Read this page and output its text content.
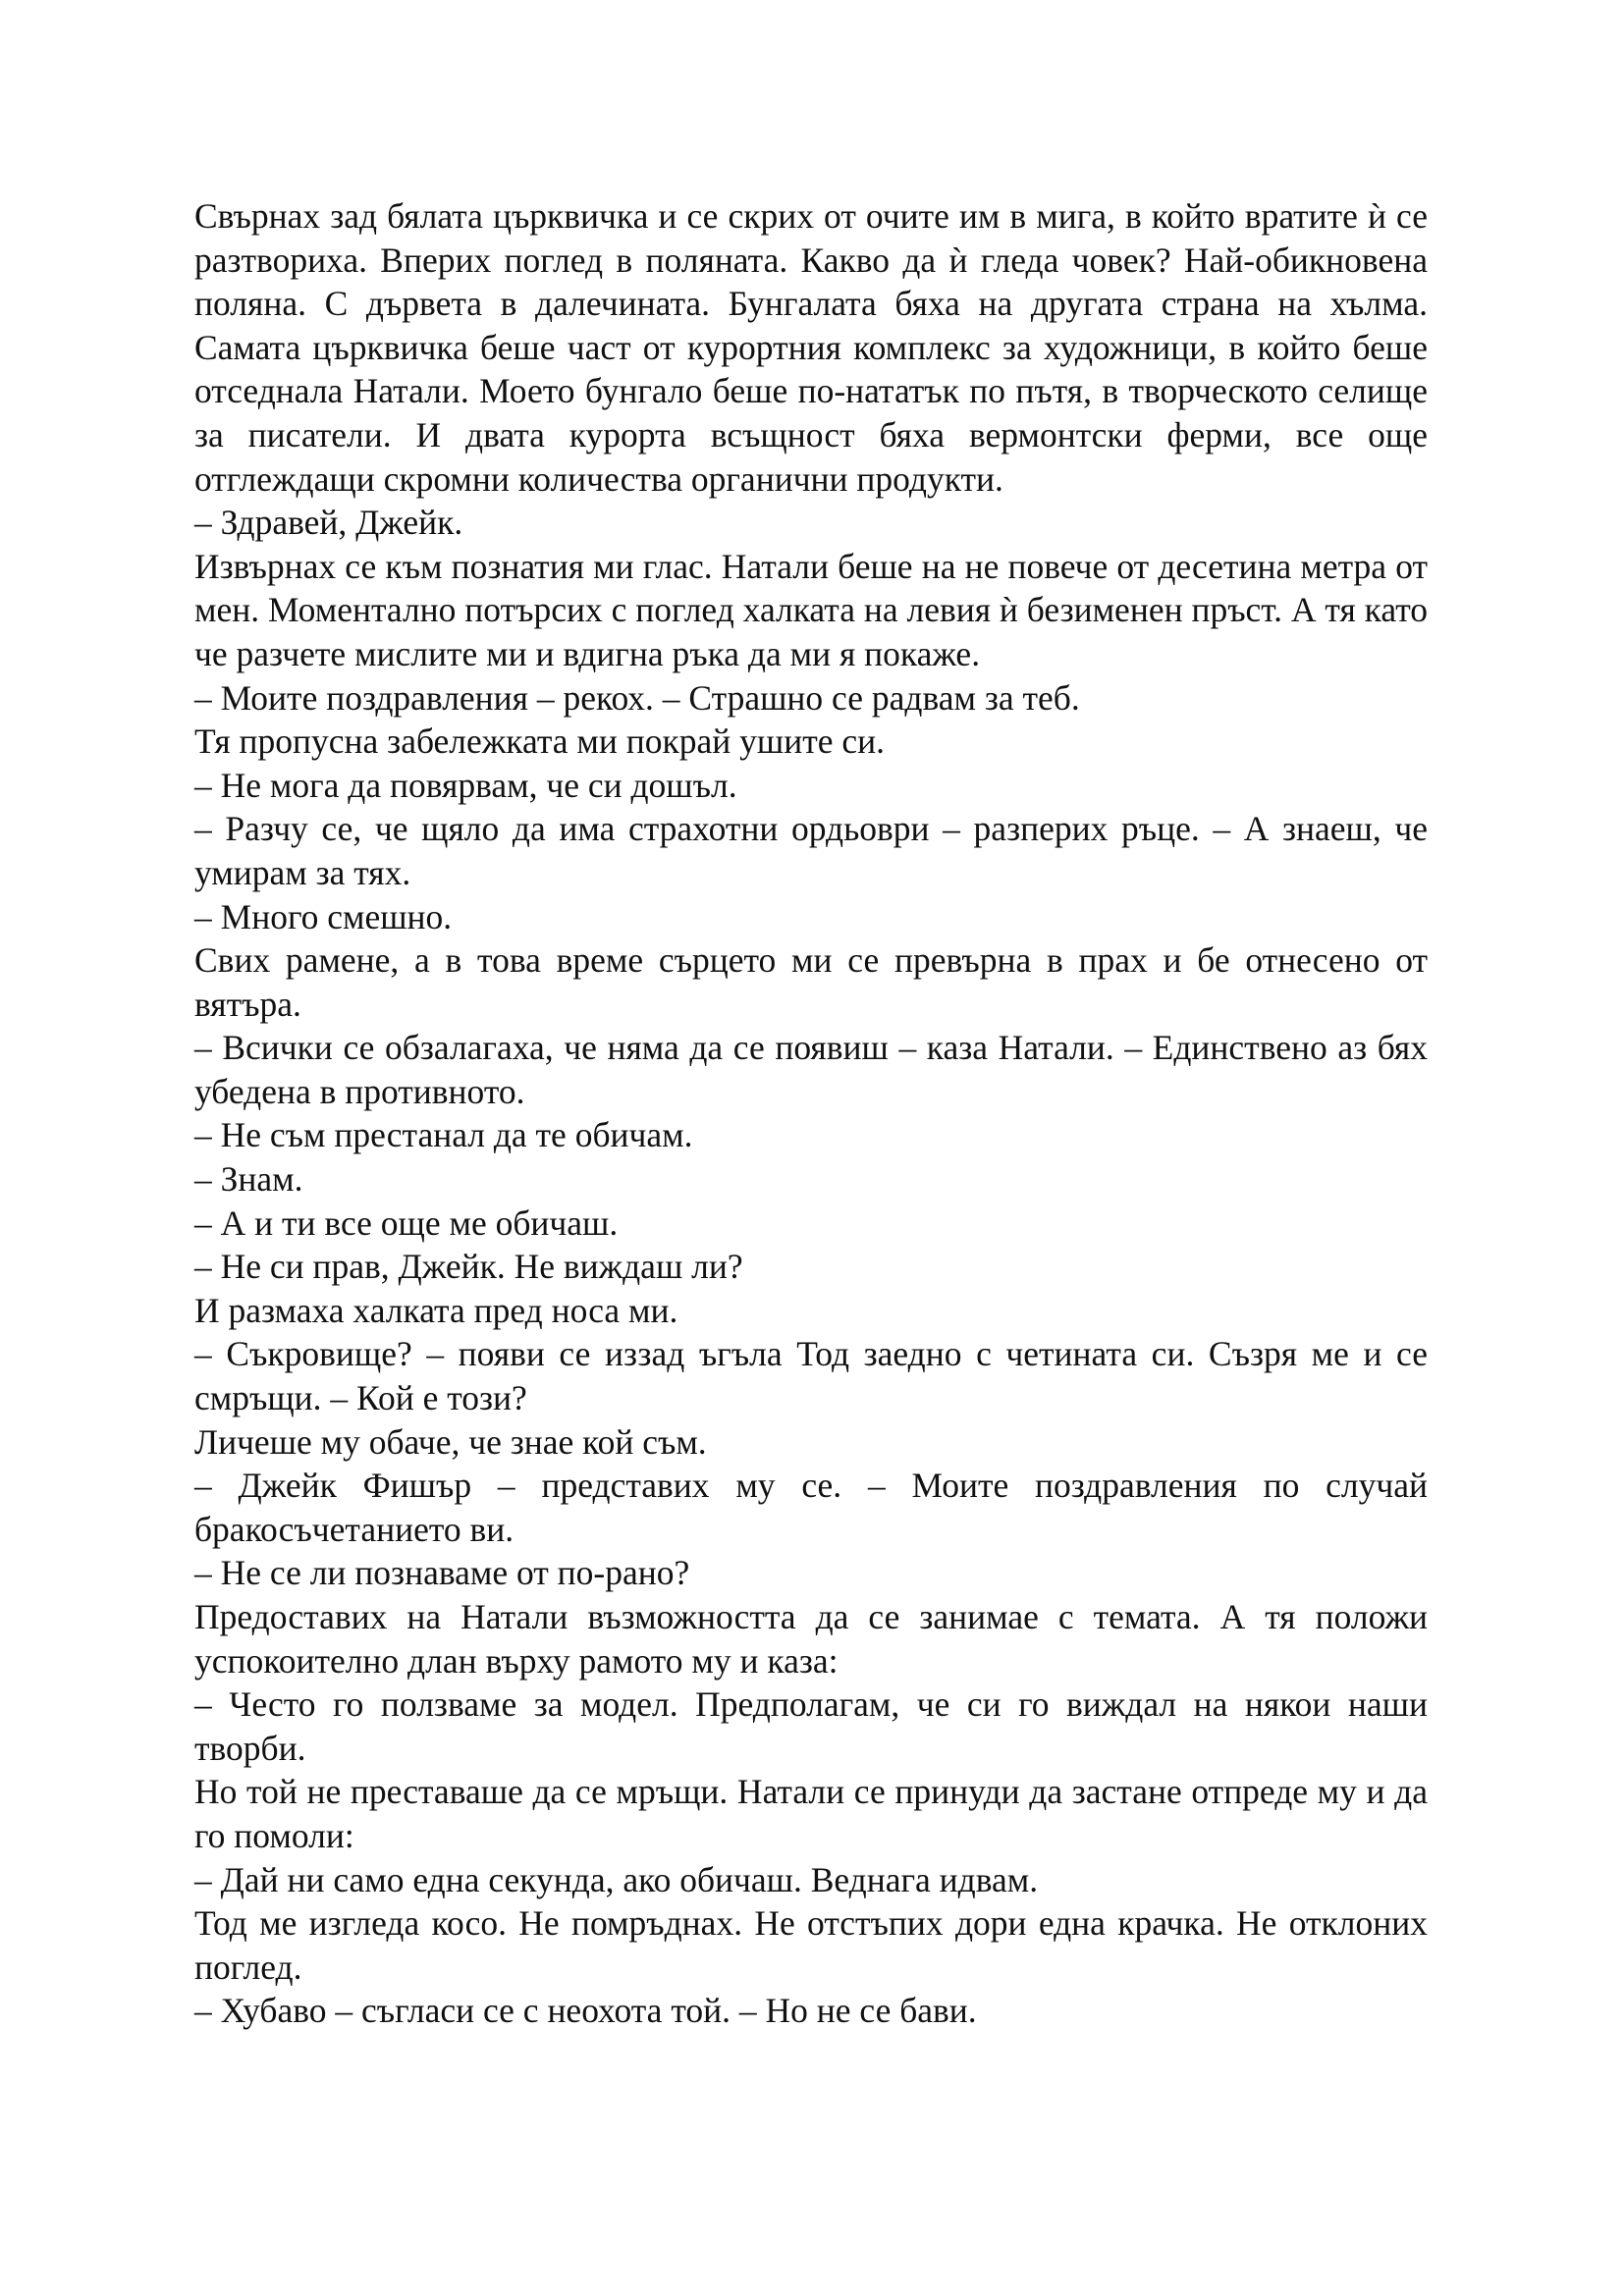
Свърнах зад бялата църквичка и се скрих от очите им в мига, в който вратите ѝ се разтвориха. Вперих поглед в поляната. Какво да ѝ гледа човек? Най-обикновена поляна. С дървета в далечината. Бунгалата бяха на другата страна на хълма. Самата църквичка беше част от курортния комплекс за художници, в който беше отседнала Натали. Моето бунгало беше по-нататък по пътя, в творческото селище за писатели. И двата курорта всъщност бяха вермонтски ферми, все още отглеждащи скромни количества органични продукти.

– Здравей, Джейк.

Извърнах се към познатия ми глас. Натали беше на не повече от десетина метра от мен. Моментално потърсих с поглед халката на левия ѝ безименен пръст. А тя като че разчете мислите ми и вдигна ръка да ми я покаже.

– Моите поздравления – рекох. – Страшно се радвам за теб.

Тя пропусна забележката ми покрай ушите си.

– Не мога да повярвам, че си дошъл.

– Разчу се, че щяло да има страхотни ордьоври – разперих ръце. – А знаеш, че умирам за тях.

– Много смешно.

Свих рамене, а в това време сърцето ми се превърна в прах и бе отнесено от вятъра.

– Всички се обзалагаха, че няма да се появиш – каза Натали. – Единствено аз бях убедена в противното.

– Не съм престанал да те обичам.

– Знам.

– А и ти все още ме обичаш.

– Не си прав, Джейк. Не виждаш ли?

И размаха халката пред носа ми.

– Съкровище? – появи се иззад ъгъла Тод заедно с четината си. Съзря ме и се смръщи. – Кой е този?

Личеше му обаче, че знае кой съм.

– Джейк Фишър – представих му се. – Моите поздравления по случай бракосъчетанието ви.

– Не се ли познаваме от по-рано?

Предоставих на Натали възможността да се занимае с темата. А тя положи успокоително длан върху рамото му и каза:

– Често го ползваме за модел. Предполагам, че си го виждал на някои наши творби.

Но той не преставаше да се мръщи. Натали се принуди да застане отпреде му и да го помоли:

– Дай ни само една секунда, ако обичаш. Веднага идвам.

Тод ме изгледа косо. Не помръднах. Не отстъпих дори една крачка. Не отклоних поглед.

– Хубаво – съгласи се с неохота той. – Но не се бави.
